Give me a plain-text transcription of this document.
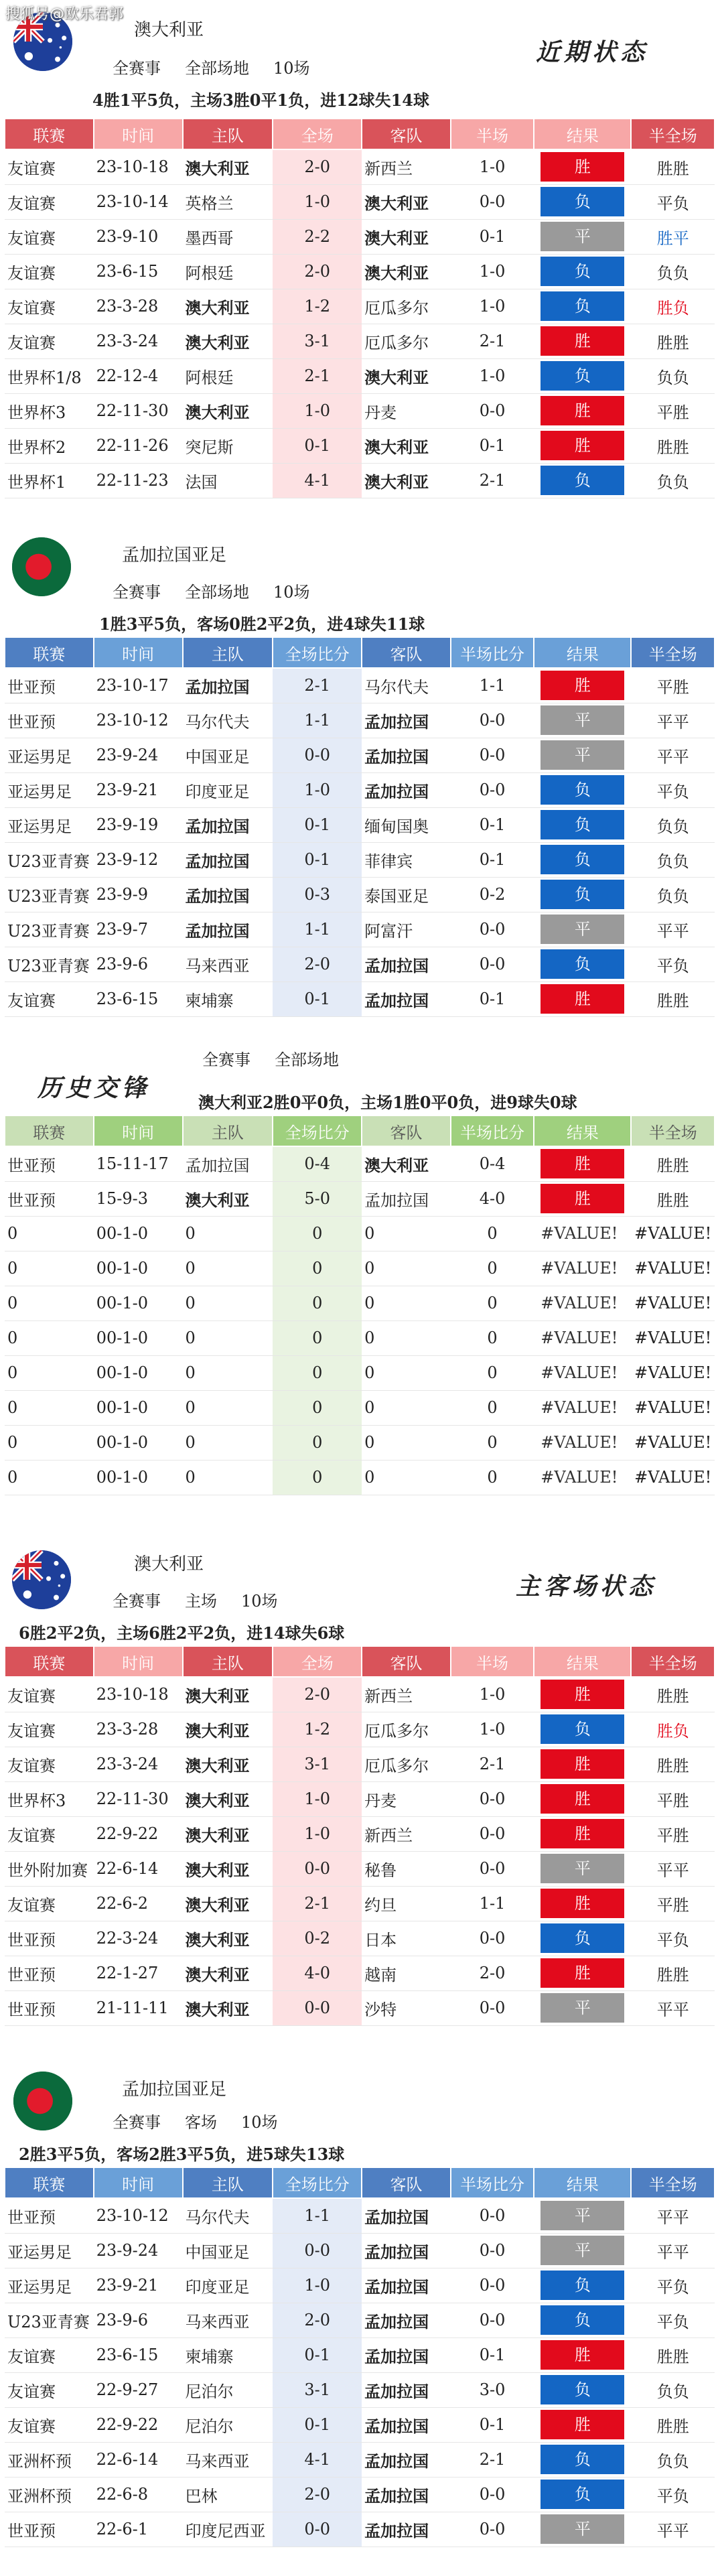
搜狐号@欧乐君郭
澳大利亚
近期状态
全赛事 全部场地 10场
4胜1平5负，主场3胜0平1负，进12球失14球
联赛	时间	主队	全场	客队	半场	结果	半全场
友谊赛	23-10-18	澳大利亚	2-0	新西兰	1-0	胜	胜胜
友谊赛	23-10-14	英格兰	1-0	澳大利亚	0-0	负	平负
友谊赛	23-9-10	墨西哥	2-2	澳大利亚	0-1	平	胜平
友谊赛	23-6-15	阿根廷	2-0	澳大利亚	1-0	负	负负
友谊赛	23-3-28	澳大利亚	1-2	厄瓜多尔	1-0	负	胜负
友谊赛	23-3-24	澳大利亚	3-1	厄瓜多尔	2-1	胜	胜胜
世界杯1/8	22-12-4	阿根廷	2-1	澳大利亚	1-0	负	负负
世界杯3	22-11-30	澳大利亚	1-0	丹麦	0-0	胜	平胜
世界杯2	22-11-26	突尼斯	0-1	澳大利亚	0-1	胜	胜胜
世界杯1	22-11-23	法国	4-1	澳大利亚	2-1	负	负负
孟加拉国亚足
全赛事 全部场地 10场
1胜3平5负，客场0胜2平2负，进4球失11球
联赛	时间	主队	全场比分	客队	半场比分	结果	半全场
世亚预	23-10-17	孟加拉国	2-1	马尔代夫	1-1	胜	平胜
世亚预	23-10-12	马尔代夫	1-1	孟加拉国	0-0	平	平平
亚运男足	23-9-24	中国亚足	0-0	孟加拉国	0-0	平	平平
亚运男足	23-9-21	印度亚足	1-0	孟加拉国	0-0	负	平负
亚运男足	23-9-19	孟加拉国	0-1	缅甸国奥	0-1	负	负负
U23亚青赛	23-9-12	孟加拉国	0-1	菲律宾	0-1	负	负负
U23亚青赛	23-9-9	孟加拉国	0-3	泰国亚足	0-2	负	负负
U23亚青赛	23-9-7	孟加拉国	1-1	阿富汗	0-0	平	平平
U23亚青赛	23-9-6	马来西亚	2-0	孟加拉国	0-0	负	平负
友谊赛	23-6-15	柬埔寨	0-1	孟加拉国	0-1	胜	胜胜
全赛事 全部场地
历史交锋
澳大利亚2胜0平0负，主场1胜0平0负，进9球失0球
联赛	时间	主队	全场比分	客队	半场比分	结果	半全场
世亚预	15-11-17	孟加拉国	0-4	澳大利亚	0-4	胜	胜胜
世亚预	15-9-3	澳大利亚	5-0	孟加拉国	4-0	胜	胜胜
0	00-1-0	0	0	0	0	#VALUE!	#VALUE!
0	00-1-0	0	0	0	0	#VALUE!	#VALUE!
0	00-1-0	0	0	0	0	#VALUE!	#VALUE!
0	00-1-0	0	0	0	0	#VALUE!	#VALUE!
0	00-1-0	0	0	0	0	#VALUE!	#VALUE!
0	00-1-0	0	0	0	0	#VALUE!	#VALUE!
0	00-1-0	0	0	0	0	#VALUE!	#VALUE!
0	00-1-0	0	0	0	0	#VALUE!	#VALUE!
澳大利亚
主客场状态
全赛事 主场 10场
6胜2平2负，主场6胜2平2负，进14球失6球
联赛	时间	主队	全场	客队	半场	结果	半全场
友谊赛	23-10-18	澳大利亚	2-0	新西兰	1-0	胜	胜胜
友谊赛	23-3-28	澳大利亚	1-2	厄瓜多尔	1-0	负	胜负
友谊赛	23-3-24	澳大利亚	3-1	厄瓜多尔	2-1	胜	胜胜
世界杯3	22-11-30	澳大利亚	1-0	丹麦	0-0	胜	平胜
友谊赛	22-9-22	澳大利亚	1-0	新西兰	0-0	胜	平胜
世外附加赛	22-6-14	澳大利亚	0-0	秘鲁	0-0	平	平平
友谊赛	22-6-2	澳大利亚	2-1	约旦	1-1	胜	平胜
世亚预	22-3-24	澳大利亚	0-2	日本	0-0	负	平负
世亚预	22-1-27	澳大利亚	4-0	越南	2-0	胜	胜胜
世亚预	21-11-11	澳大利亚	0-0	沙特	0-0	平	平平
孟加拉国亚足
全赛事 客场 10场
2胜3平5负，客场2胜3平5负，进5球失13球
联赛	时间	主队	全场比分	客队	半场比分	结果	半全场
世亚预	23-10-12	马尔代夫	1-1	孟加拉国	0-0	平	平平
亚运男足	23-9-24	中国亚足	0-0	孟加拉国	0-0	平	平平
亚运男足	23-9-21	印度亚足	1-0	孟加拉国	0-0	负	平负
U23亚青赛	23-9-6	马来西亚	2-0	孟加拉国	0-0	负	平负
友谊赛	23-6-15	柬埔寨	0-1	孟加拉国	0-1	胜	胜胜
友谊赛	22-9-27	尼泊尔	3-1	孟加拉国	3-0	负	负负
友谊赛	22-9-22	尼泊尔	0-1	孟加拉国	0-1	胜	胜胜
亚洲杯预	22-6-14	马来西亚	4-1	孟加拉国	2-1	负	负负
亚洲杯预	22-6-8	巴林	2-0	孟加拉国	0-0	负	平负
世亚预	22-6-1	印度尼西亚	0-0	孟加拉国	0-0	平	平平
